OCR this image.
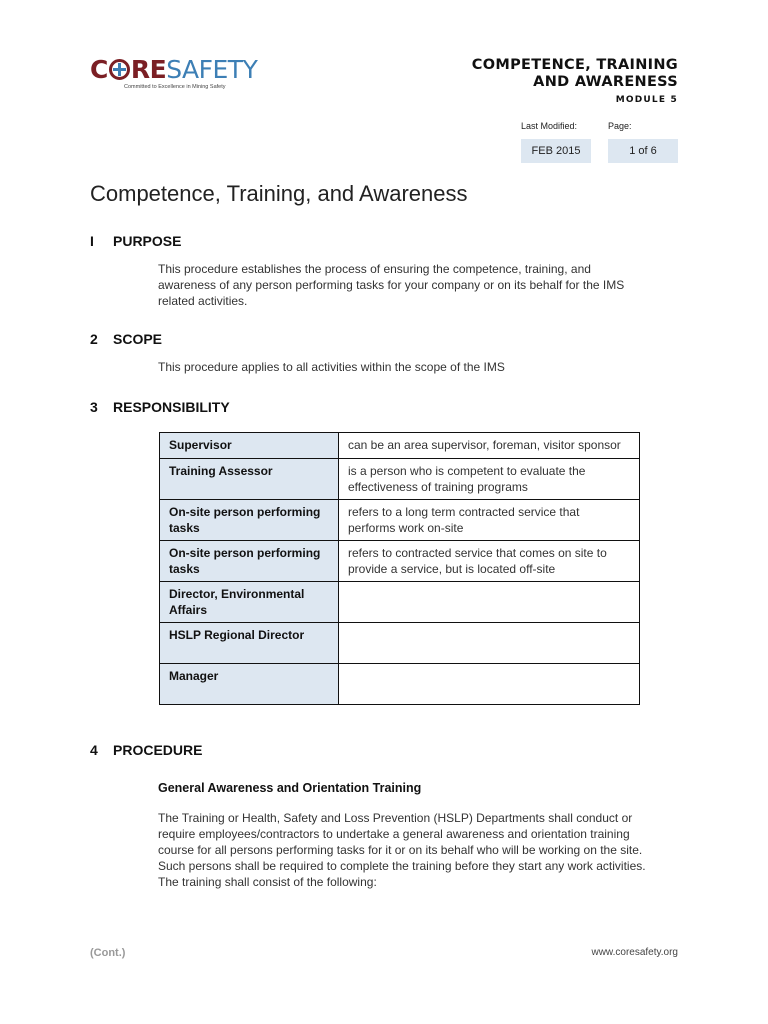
C RESAFETY
Committed to Excellence in Mining Safety
COMPETENCE, TRAINING
AND AWARENESS
MODULE 5
Last Modified:	Page:
FEB 2015	1 of 6
Competence, Training, and Awareness
I PURPOSE
This procedure establishes the process of ensuring the competence, training, and awareness of any person performing tasks for your company or on its behalf for the IMS related activities.
2 SCOPE
This procedure applies to all activities within the scope of the IMS
3 RESPONSIBILITY
Supervisor	can be an area supervisor, foreman, visitor sponsor
Training Assessor	is a person who is competent to evaluate the effectiveness of training programs
On-site person performing tasks	refers to a long term contracted service that performs work on-site
On-site person performing tasks	refers to contracted service that comes on site to provide a service, but is located off-site
Director, Environmental Affairs	
HSLP Regional Director	
Manager	
4 PROCEDURE
General Awareness and Orientation Training
The Training or Health, Safety and Loss Prevention (HSLP) Departments shall conduct or require employees/contractors to undertake a general awareness and orientation training course for all persons performing tasks for it or on its behalf who will be working on the site. Such persons shall be required to complete the training before they start any work activities. The training shall consist of the following:
(Cont.)	www.coresafety.org
